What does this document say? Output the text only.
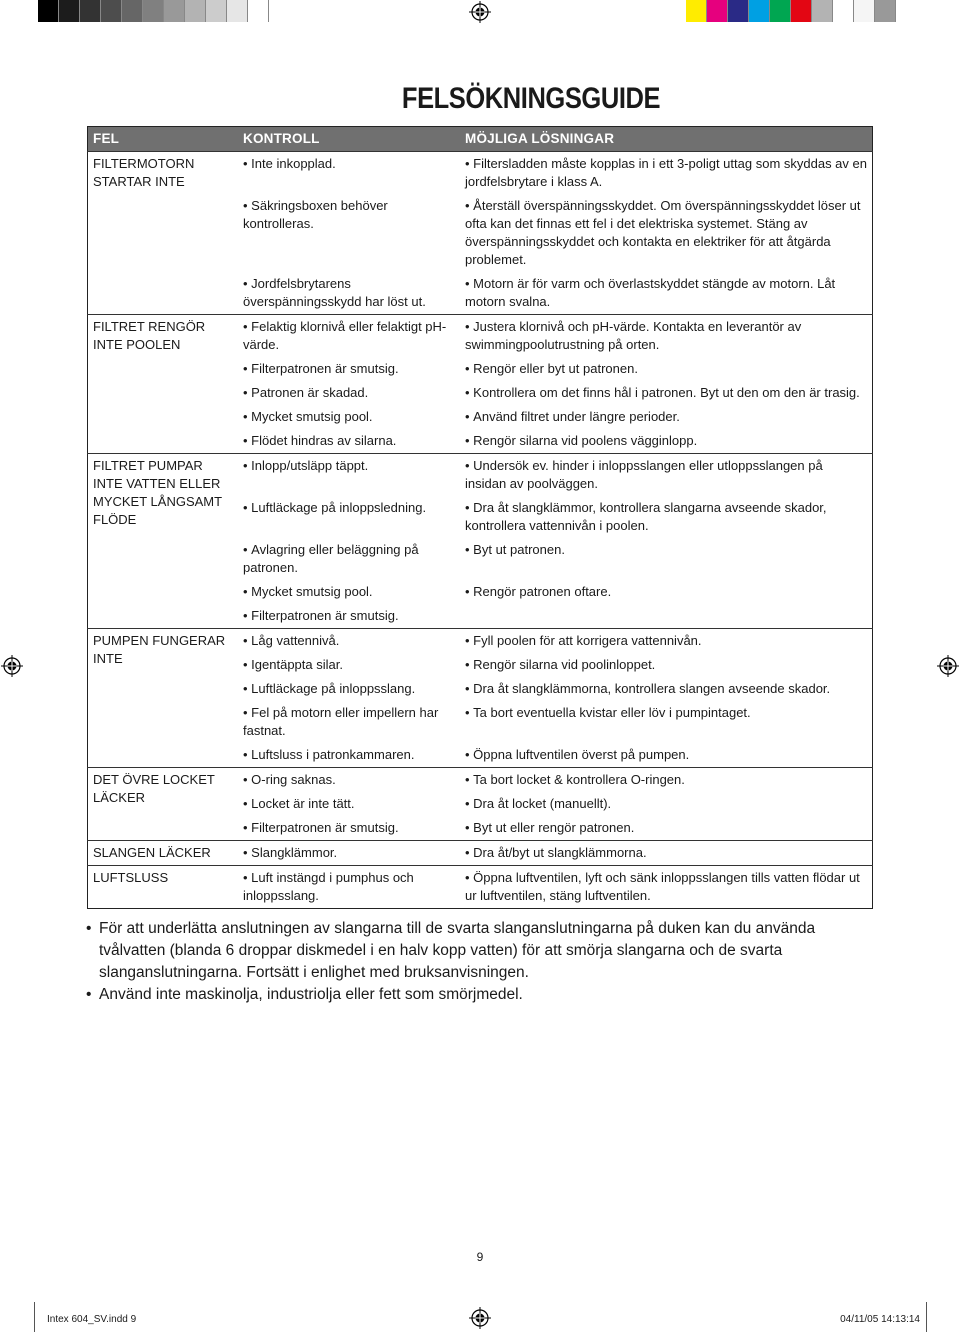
FELSÖKNINGSGUIDE
FEL	KONTROLL	MÖJLIGA LÖSNINGAR
FILTERMOTORN STARTAR INTE	• Inte inkopplad.	• Filtersladden måste kopplas in i ett 3-poligt uttag som skyddas av en jordfelsbrytare i klass A.
	• Säkringsboxen behöver kontrolleras.	• Återställ överspänningsskyddet. Om överspänningsskyddet löser ut ofta kan det finnas ett fel i det elektriska systemet. Stäng av överspänningsskyddet och kontakta en elektriker för att åtgärda problemet.
	• Jordfelsbrytarens överspänningsskydd har löst ut.	• Motorn är för varm och överlastskyddet stängde av motorn. Låt motorn svalna.
FILTRET RENGÖR INTE POOLEN	• Felaktig klornivå eller felaktigt pH-värde.	• Justera klornivå och pH-värde. Kontakta en leverantör av swimmingpoolutrustning på orten.
	• Filterpatronen är smutsig.	• Rengör eller byt ut patronen.
	• Patronen är skadad.	• Kontrollera om det finns hål i patronen. Byt ut den om den är trasig.
	• Mycket smutsig pool.	• Använd filtret under längre perioder.
	• Flödet hindras av silarna.	• Rengör silarna vid poolens vägginlopp.
FILTRET PUMPAR INTE VATTEN ELLER MYCKET LÅNGSAMT FLÖDE	• Inlopp/utsläpp täppt.	• Undersök ev. hinder i inloppsslangen eller utloppsslangen på insidan av poolväggen.
	• Luftläckage på inloppsledning.	• Dra åt slangklämmor, kontrollera slangarna avseende skador, kontrollera vattennivån i poolen.
	• Avlagring eller beläggning på patronen.	• Byt ut patronen.
	• Mycket smutsig pool.	• Rengör patronen oftare.
	• Filterpatronen är smutsig.	
PUMPEN FUNGERAR INTE	• Låg vattennivå.	• Fyll poolen för att korrigera vattennivån.
	• Igentäppta silar.	• Rengör silarna vid poolinloppet.
	• Luftläckage på inloppsslang.	• Dra åt slangklämmorna, kontrollera slangen avseende skador.
	• Fel på motorn eller impellern har fastnat.	• Ta bort eventuella kvistar eller löv i pumpintaget.
	• Luftsluss i patronkammaren.	• Öppna luftventilen överst på pumpen.
DET ÖVRE LOCKET LÄCKER	• O-ring saknas.	• Ta bort locket & kontrollera O-ringen.
	• Locket är inte tätt.	• Dra åt locket (manuellt).
	• Filterpatronen är smutsig.	• Byt ut eller rengör patronen.
SLANGEN LÄCKER	• Slangklämmor.	• Dra åt/byt ut slangklämmorna.
LUFTSLUSS	• Luft instängd i pumphus och inloppsslang.	• Öppna luftventilen, lyft och sänk inloppsslangen tills vatten flödar ut ur luftventilen, stäng luftventilen.
• För att underlätta anslutningen av slangarna till de svarta slanganslutningarna på duken kan du använda tvålvatten (blanda 6 droppar diskmedel i en halv kopp vatten) för att smörja slangarna och de svarta slanganslutningarna. Fortsätt i enlighet med bruksanvisningen.
• Använd inte maskinolja, industriolja eller fett som smörjmedel.
9
Intex 604_SV.indd 9	04/11/05 14:13:14
